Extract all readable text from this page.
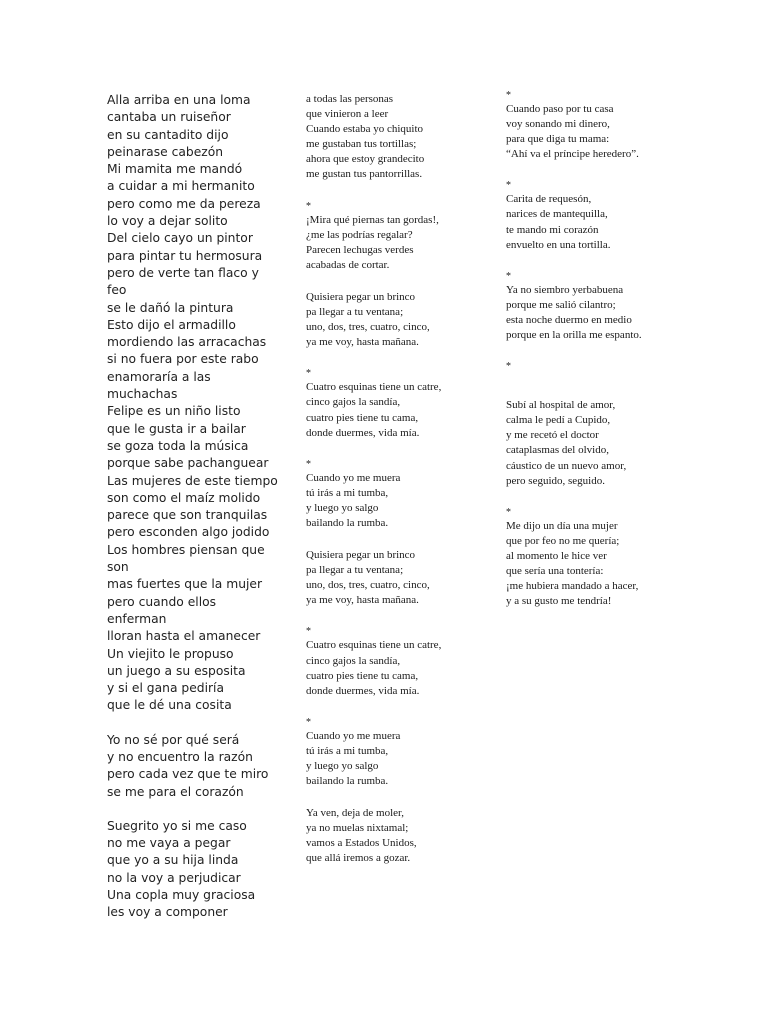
Alla arriba en una loma
cantaba un ruiseñor
en su cantadito dijo
peinarase cabezón
Mi mamita me mandó
a cuidar a mi hermanito
pero como me da pereza
lo voy a dejar solito
Del cielo cayo un pintor
para pintar tu hermosura
pero de verte tan flaco y
feo
se le dañó la pintura
Esto dijo el armadillo
mordiendo las arracachas
si no fuera por este rabo
enamoraría a las
muchachas
Felipe es un niño listo
que le gusta ir a bailar
se goza toda la música
porque sabe pachanguear
Las mujeres de este tiempo
son como el maíz molido
parece que son tranquilas
pero esconden algo jodido
Los hombres piensan que
son
mas fuertes que la mujer
pero cuando ellos
enferman
lloran hasta el amanecer
Un viejito le propuso
un juego a su esposita
y si el gana pediría
que le dé una cosita
Yo no sé por qué será
y no encuentro la razón
pero cada vez que te miro
se me para el corazón
Suegrito yo si me caso
no me vaya a pegar
que yo a su hija linda
no la voy a perjudicar
Una copla muy graciosa
les voy a componer
a todas las personas
que vinieron a leer
Cuando estaba yo chiquito
me gustaban tus tortillas;
ahora que estoy grandecito
me gustan tus pantorrillas.
*
¡Mira qué piernas tan gordas!,
¿me las podrías regalar?
Parecen lechugas verdes
acabadas de cortar.
Quisiera pegar un brinco
pa llegar a tu ventana;
uno, dos, tres, cuatro, cinco,
ya me voy, hasta mañana.
*
Cuatro esquinas tiene un catre,
cinco gajos la sandía,
cuatro pies tiene tu cama,
donde duermes, vida mía.
*
Cuando yo me muera
tú irás a mi tumba,
y luego yo salgo
bailando la rumba.
Quisiera pegar un brinco
pa llegar a tu ventana;
uno, dos, tres, cuatro, cinco,
ya me voy, hasta mañana.
*
Cuatro esquinas tiene un catre,
cinco gajos la sandía,
cuatro pies tiene tu cama,
donde duermes, vida mía.
*
Cuando yo me muera
tú irás a mi tumba,
y luego yo salgo
bailando la rumba.
Ya ven, deja de moler,
ya no muelas nixtamal;
vamos a Estados Unidos,
que allá iremos a gozar.
*
Cuando paso por tu casa
voy sonando mi dinero,
para que diga tu mama:
“Ahí va el príncipe heredero”.
*
Carita de requesón,
narices de mantequilla,
te mando mi corazón
envuelto en una tortilla.
*
Ya no siembro yerbabuena
porque me salió cilantro;
esta noche duermo en medio
porque en la orilla me espanto.
*
Subí al hospital de amor,
calma le pedí a Cupido,
y me recetó el doctor
cataplasmas del olvido,
cáustico de un nuevo amor,
pero seguido, seguido.
*
Me dijo un día una mujer
que por feo no me quería;
al momento le hice ver
que sería una tontería:
¡me hubiera mandado a hacer,
y a su gusto me tendría!
